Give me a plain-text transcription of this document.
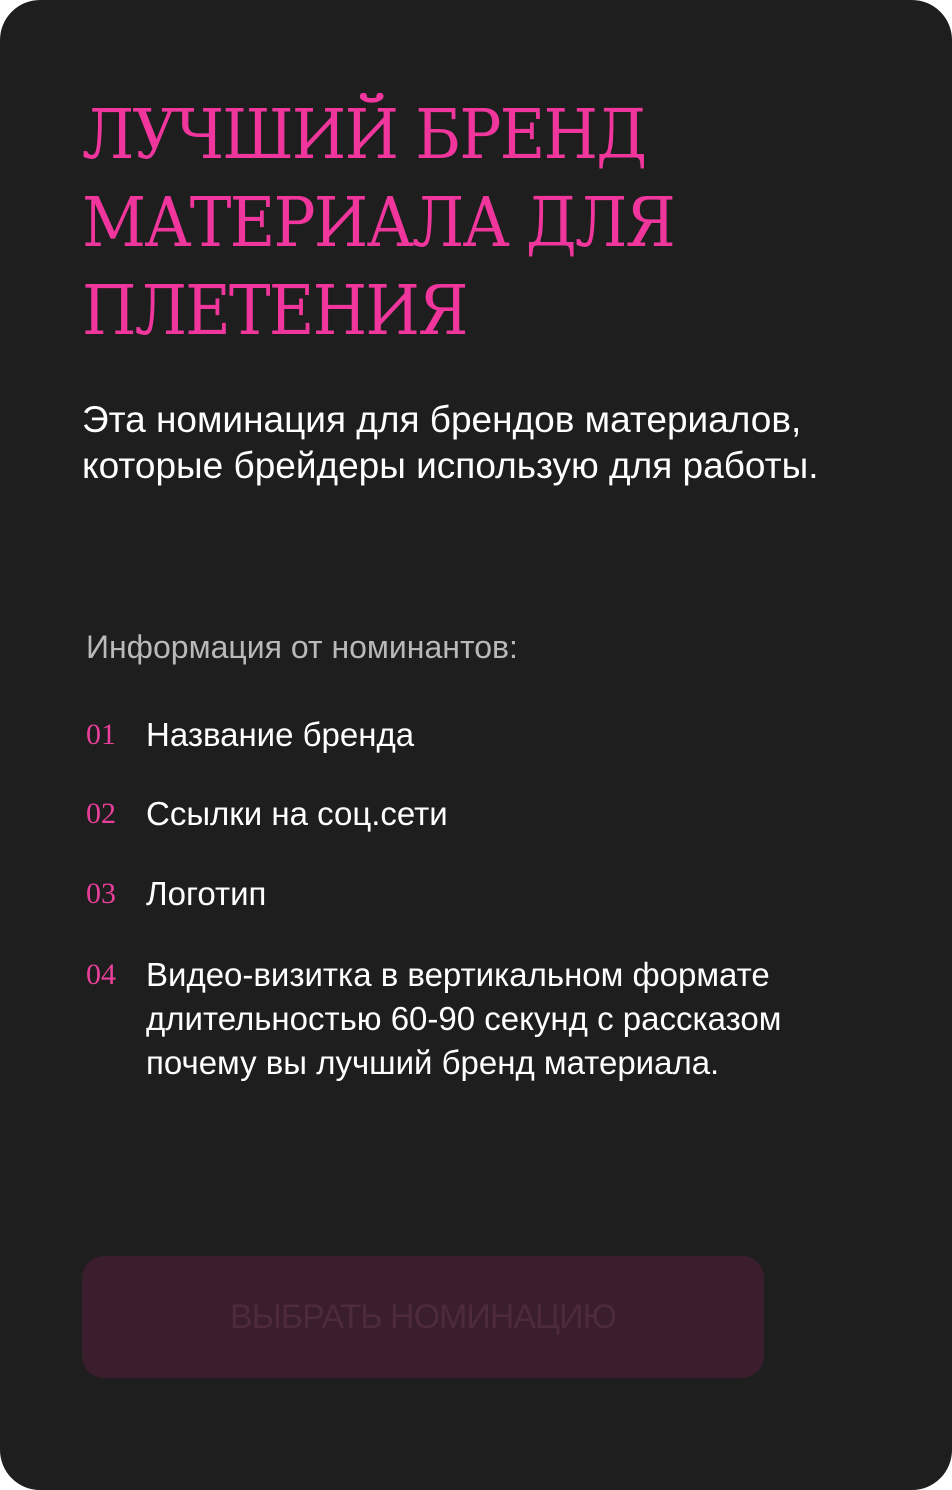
ЛУЧШИЙ БРЕНД МАТЕРИАЛА ДЛЯ ПЛЕТЕНИЯ

Эта номинация для брендов материалов, которые брейдеры использую для работы.

Информация от номинантов:

01 Название бренда
02 Ссылки на соц.сети
03 Логотип
04 Видео-визитка в вертикальном формате длительностью 60-90 секунд с рассказом почему вы лучший бренд материала.
ВЫБРАТЬ НОМИНАЦИЮ
